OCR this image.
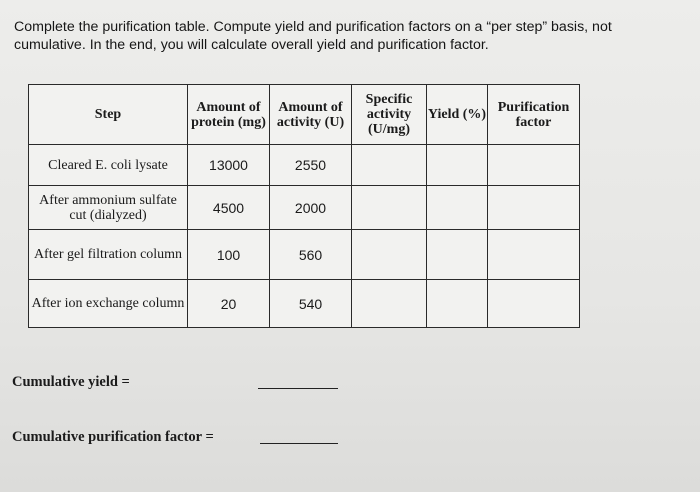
Complete the purification table. Compute yield and purification factors on a “per step” basis, not cumulative. In the end, you will calculate overall yield and purification factor.
Step	Amount of protein (mg)	Amount of activity (U)	Specific activity (U/mg)	Yield (%)	Purification factor
Cleared E. coli lysate	13000	2550			
After ammonium sulfate cut (dialyzed)	4500	2000			
After gel filtration column	100	560			
After ion exchange column	20	540			
Cumulative yield =
Cumulative purification factor =
